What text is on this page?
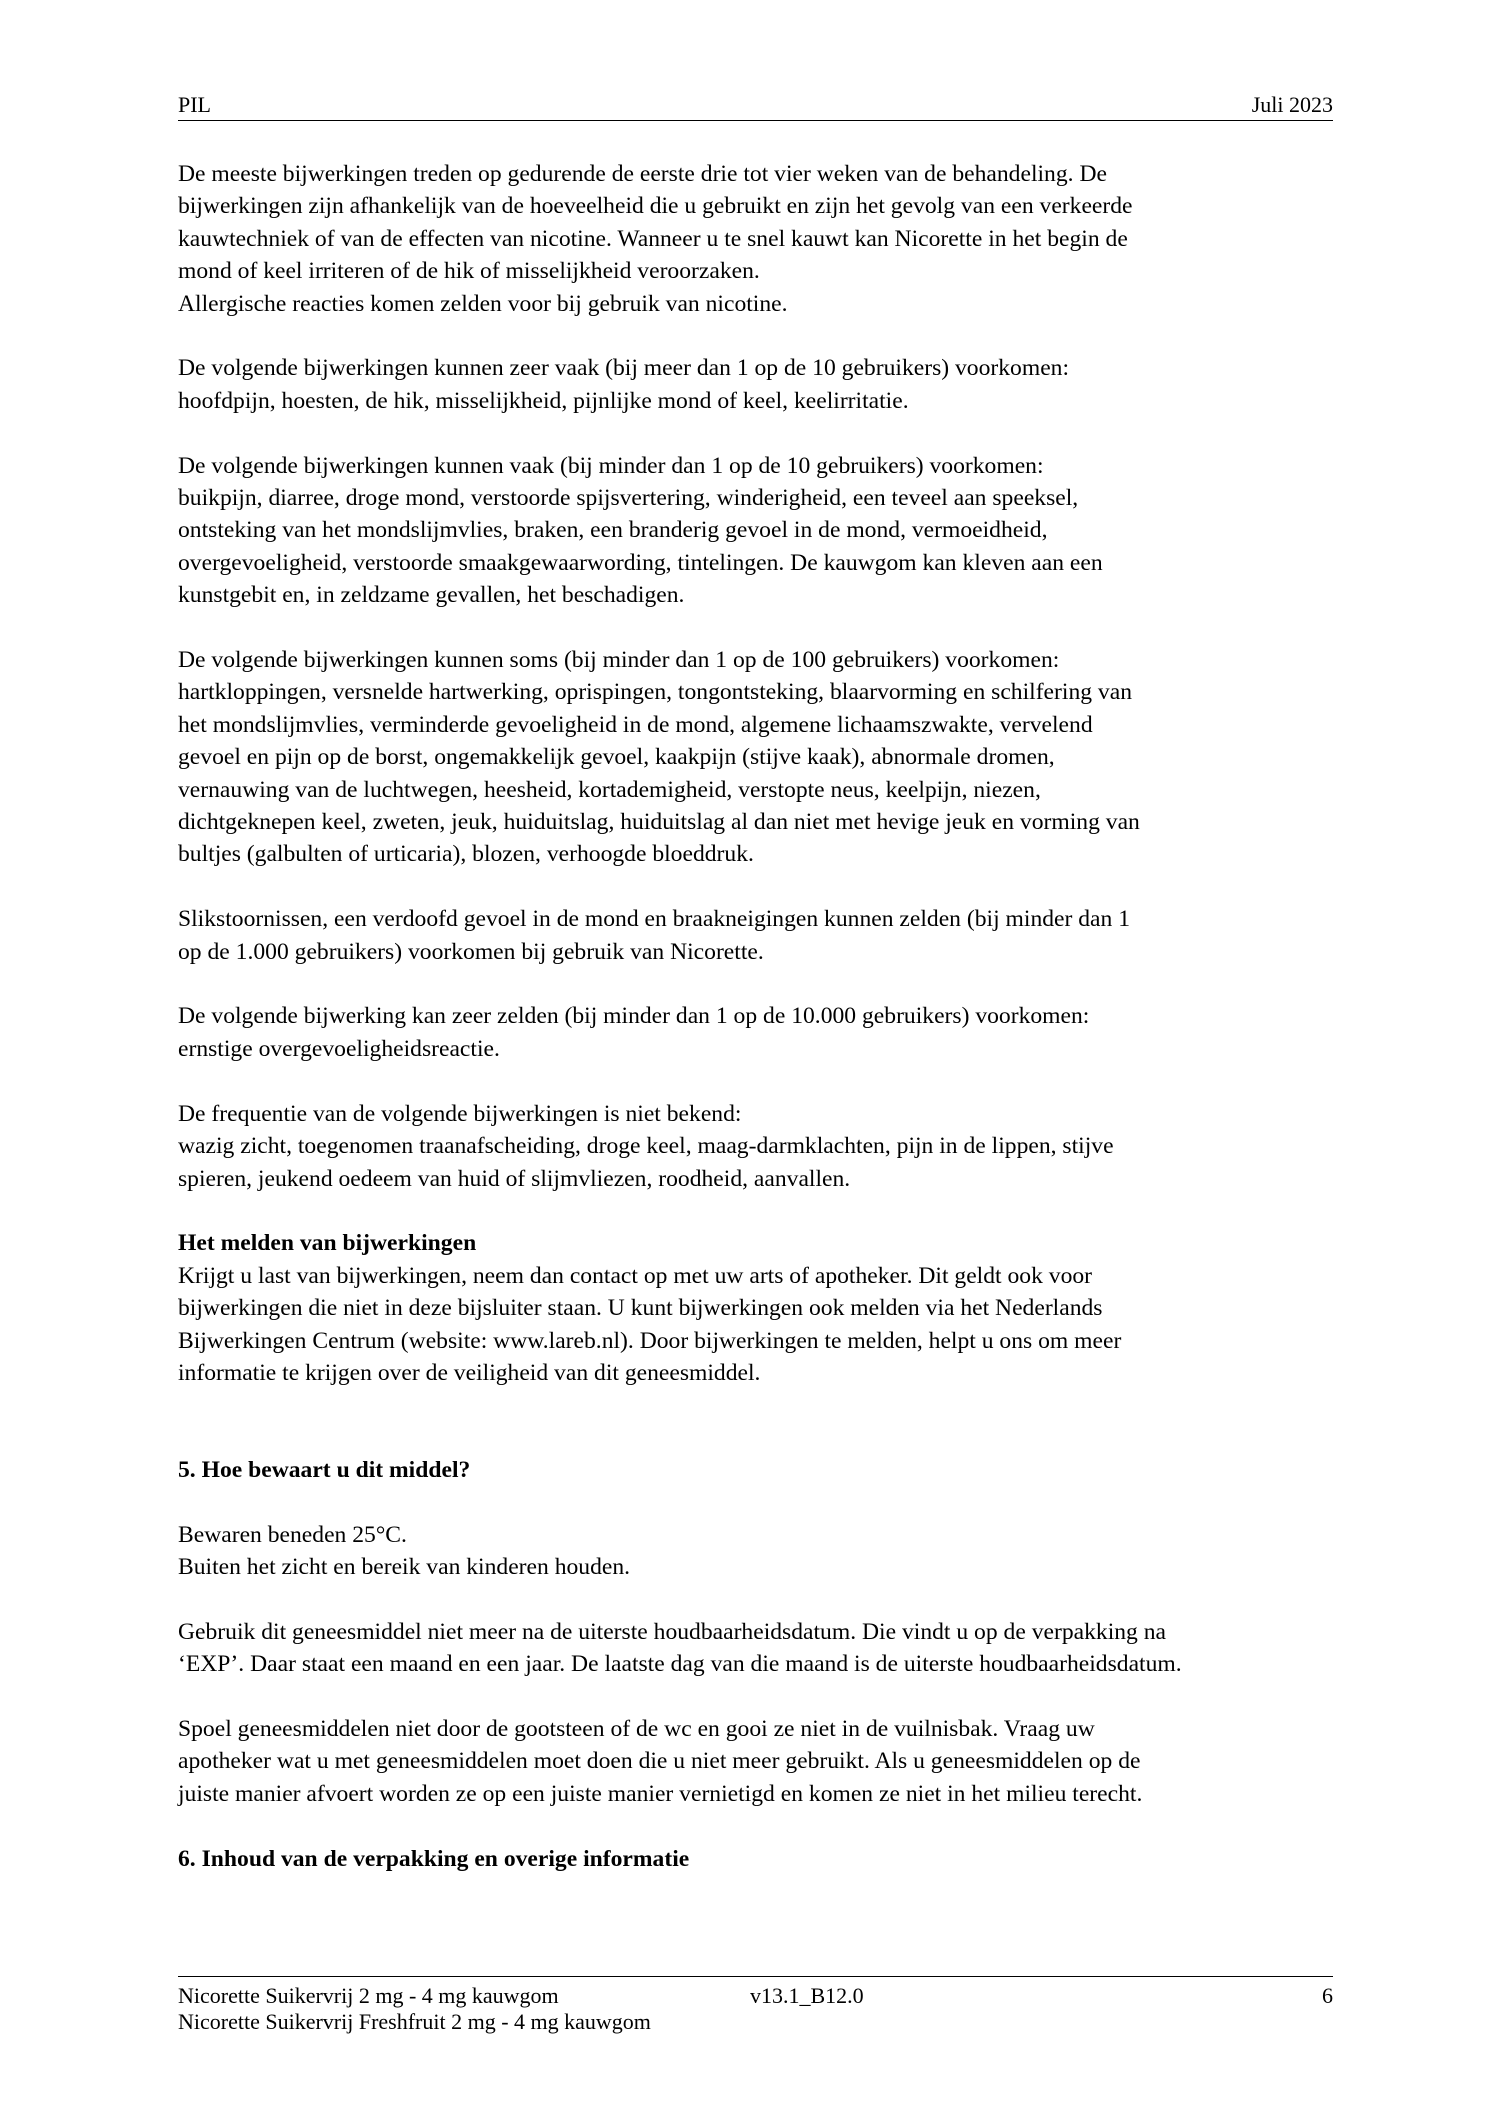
PIL	Juli 2023

De meeste bijwerkingen treden op gedurende de eerste drie tot vier weken van de behandeling. De
bijwerkingen zijn afhankelijk van de hoeveelheid die u gebruikt en zijn het gevolg van een verkeerde
kauwtechniek of van de effecten van nicotine. Wanneer u te snel kauwt kan Nicorette in het begin de
mond of keel irriteren of de hik of misselijkheid veroorzaken.
Allergische reacties komen zelden voor bij gebruik van nicotine.

De volgende bijwerkingen kunnen zeer vaak (bij meer dan 1 op de 10 gebruikers) voorkomen:
hoofdpijn, hoesten, de hik, misselijkheid, pijnlijke mond of keel, keelirritatie.

De volgende bijwerkingen kunnen vaak (bij minder dan 1 op de 10 gebruikers) voorkomen:
buikpijn, diarree, droge mond, verstoorde spijsvertering, winderigheid, een teveel aan speeksel,
ontsteking van het mondslijmvlies, braken, een branderig gevoel in de mond, vermoeidheid,
overgevoeligheid, verstoorde smaakgewaarwording, tintelingen. De kauwgom kan kleven aan een
kunstgebit en, in zeldzame gevallen, het beschadigen.

De volgende bijwerkingen kunnen soms (bij minder dan 1 op de 100 gebruikers) voorkomen:
hartkloppingen, versnelde hartwerking, oprispingen, tongontsteking, blaarvorming en schilfering van
het mondslijmvlies, verminderde gevoeligheid in de mond, algemene lichaamszwakte, vervelend
gevoel en pijn op de borst, ongemakkelijk gevoel, kaakpijn (stijve kaak), abnormale dromen,
vernauwing van de luchtwegen, heesheid, kortademigheid, verstopte neus, keelpijn, niezen,
dichtgeknepen keel, zweten, jeuk, huiduitslag, huiduitslag al dan niet met hevige jeuk en vorming van
bultjes (galbulten of urticaria), blozen, verhoogde bloeddruk.

Slikstoornissen, een verdoofd gevoel in de mond en braakneigingen kunnen zelden (bij minder dan 1
op de 1.000 gebruikers) voorkomen bij gebruik van Nicorette.

De volgende bijwerking kan zeer zelden (bij minder dan 1 op de 10.000 gebruikers) voorkomen:
ernstige overgevoeligheidsreactie.

De frequentie van de volgende bijwerkingen is niet bekend:
wazig zicht, toegenomen traanafscheiding, droge keel, maag-darmklachten, pijn in de lippen, stijve
spieren, jeukend oedeem van huid of slijmvliezen, roodheid, aanvallen.

Het melden van bijwerkingen

Krijgt u last van bijwerkingen, neem dan contact op met uw arts of apotheker. Dit geldt ook voor
bijwerkingen die niet in deze bijsluiter staan. U kunt bijwerkingen ook melden via het Nederlands
Bijwerkingen Centrum (website: www.lareb.nl). Door bijwerkingen te melden, helpt u ons om meer
informatie te krijgen over de veiligheid van dit geneesmiddel.

5. Hoe bewaart u dit middel?

Bewaren beneden 25°C.
Buiten het zicht en bereik van kinderen houden.

Gebruik dit geneesmiddel niet meer na de uiterste houdbaarheidsdatum. Die vindt u op de verpakking na
‘EXP’. Daar staat een maand en een jaar. De laatste dag van die maand is de uiterste houdbaarheidsdatum.

Spoel geneesmiddelen niet door de gootsteen of de wc en gooi ze niet in de vuilnisbak. Vraag uw
apotheker wat u met geneesmiddelen moet doen die u niet meer gebruikt. Als u geneesmiddelen op de
juiste manier afvoert worden ze op een juiste manier vernietigd en komen ze niet in het milieu terecht.

6. Inhoud van de verpakking en overige informatie
Nicorette Suikervrij 2 mg - 4 mg kauwgom	v13.1_B12.0	6
Nicorette Suikervrij Freshfruit 2 mg - 4 mg kauwgom
